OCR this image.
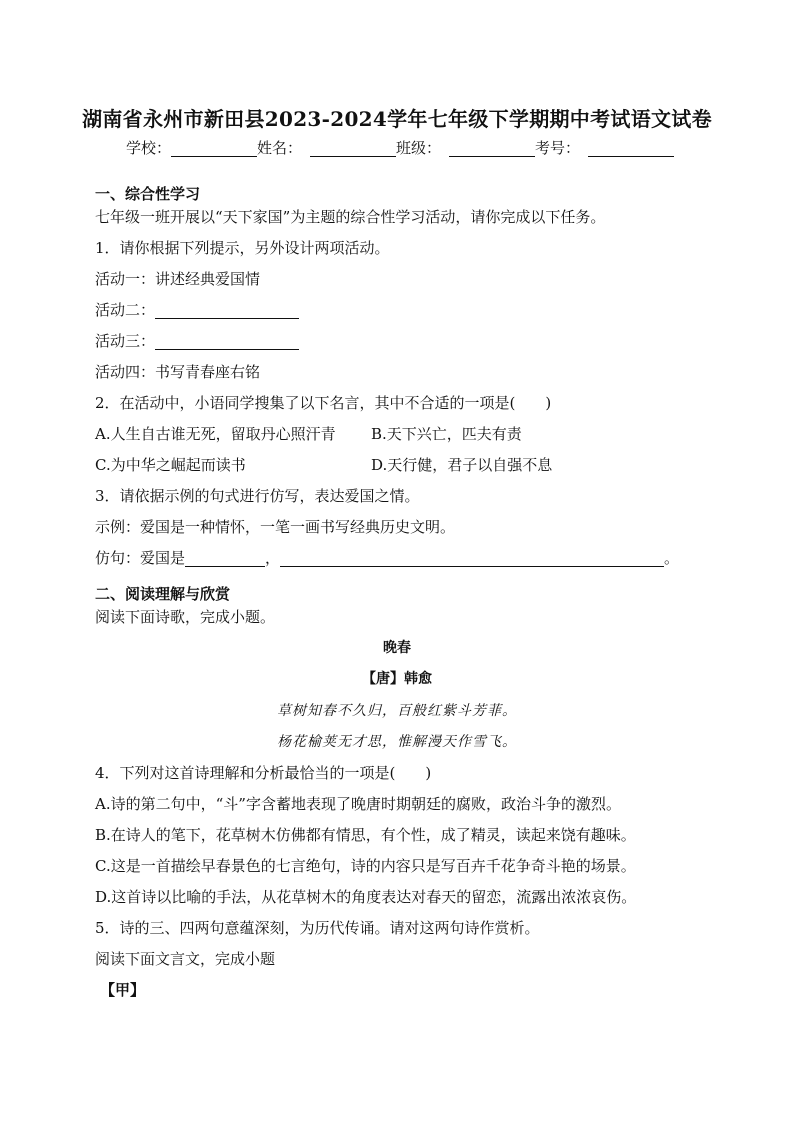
湖南省永州市新田县2023-2024学年七年级下学期期中考试语文试卷
学校：	姓名：	班级：	考号：
一、综合性学习
七年级一班开展以“天下家国”为主题的综合性学习活动，请你完成以下任务。
1．请你根据下列提示，另外设计两项活动。
活动一：讲述经典爱国情
活动二：
活动三：
活动四：书写青春座右铭
2．在活动中，小语同学搜集了以下名言，其中不合适的一项是(　　)
A.人生自古谁无死，留取丹心照汗青 B.天下兴亡，匹夫有责
C.为中华之崛起而读书	D.天行健，君子以自强不息
3．请依据示例的句式进行仿写，表达爱国之情。
示例：爱国是一种情怀，一笔一画书写经典历史文明。
仿句：爱国是	，	。
二、阅读理解与欣赏
阅读下面诗歌，完成小题。
晚春
【唐】韩愈
草树知春不久归，百般红紫斗芳菲。
杨花榆荚无才思，惟解漫天作雪飞。
4．下列对这首诗理解和分析最恰当的一项是(　　)
A.诗的第二句中，“斗”字含蓄地表现了晚唐时期朝廷的腐败，政治斗争的激烈。
B.在诗人的笔下，花草树木仿佛都有情思，有个性，成了精灵，读起来饶有趣味。
C.这是一首描绘早春景色的七言绝句，诗的内容只是写百卉千花争奇斗艳的场景。
D.这首诗以比喻的手法，从花草树木的角度表达对春天的留恋，流露出浓浓哀伤。
5．诗的三、四两句意蕴深刻，为历代传诵。请对这两句诗作赏析。
阅读下面文言文，完成小题
【甲】
